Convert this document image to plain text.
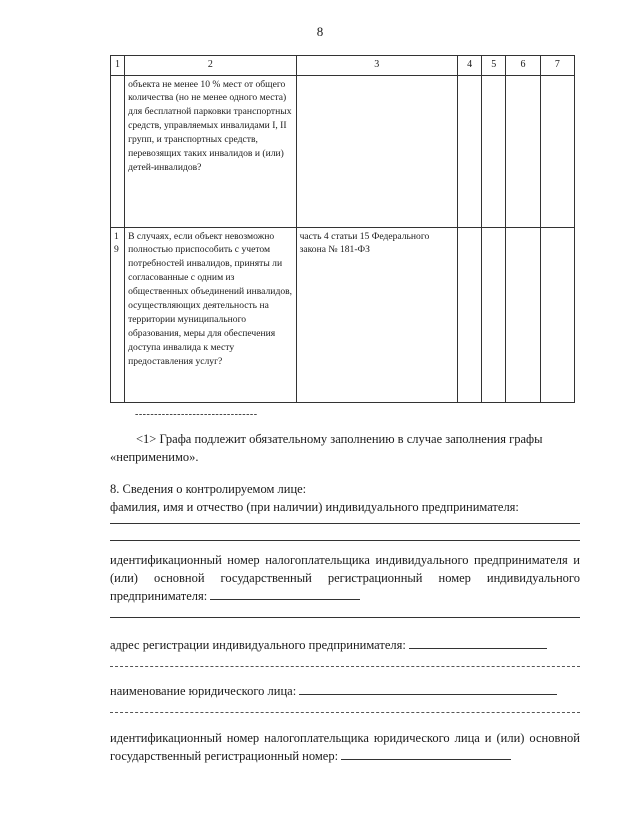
8
1	2	3	4	5	6	7
	объекта не менее 10 % мест от общего количества (но не менее одного места) для бесплатной парковки транспортных средств, управляемых инвалидами I, II групп, и транспортных средств, перевозящих таких инвалидов и (или) детей-инвалидов?					
19	В случаях, если объект невозможно полностью приспособить с учетом потребностей инвалидов, приняты ли согласованные с одним из общественных объединений инвалидов, осуществляющих деятельность на территории муниципального образования, меры для обеспечения доступа инвалида к месту предоставления услуг?	часть 4 статьи 15 Федерального закона № 181-ФЗ				
--------------------------------

<1> Графа подлежит обязательному заполнению в случае заполнения графы «неприменимо».

8. Сведения о контролируемом лице:

фамилия, имя и отчество (при наличии) индивидуального предпринимателя:

идентификационный номер налогоплательщика индивидуального предпринимателя и (или) основной государственный регистрационный номер индивидуального предпринимателя:

адрес регистрации индивидуального предпринимателя:

наименование юридического лица:

идентификационный номер налогоплательщика юридического лица и (или) основной государственный регистрационный номер:
